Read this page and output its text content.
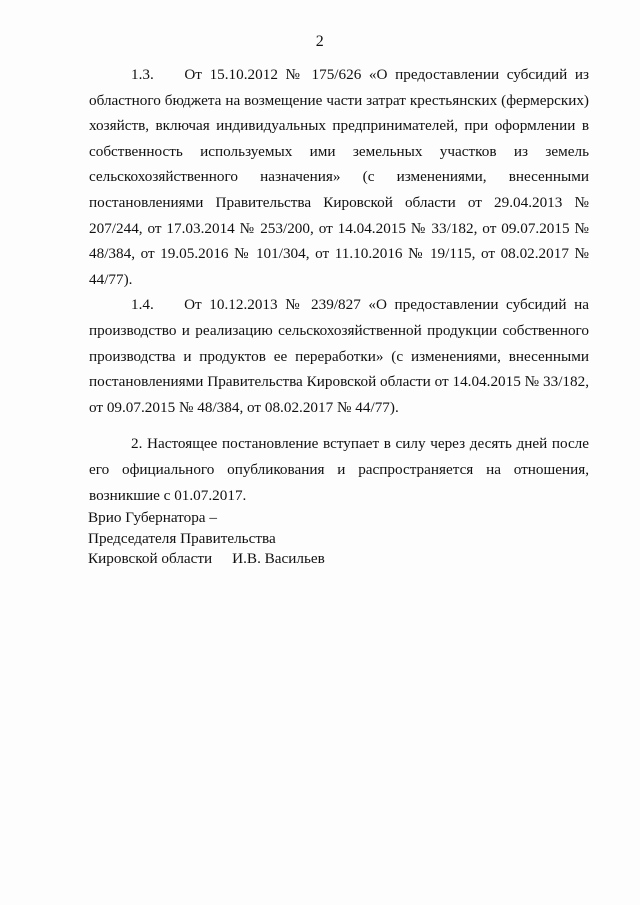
2

1.3. От 15.10.2012 № 175/626 «О предоставлении субсидий из областного бюджета на возмещение части затрат крестьянских (фермерских) хозяйств, включая индивидуальных предпринимателей, при оформлении в собственность используемых ими земельных участков из земель сельскохозяйственного назначения» (с изменениями, внесенными постановлениями Правительства Кировской области от 29.04.2013 № 207/244, от 17.03.2014 № 253/200, от 14.04.2015 № 33/182, от 09.07.2015 № 48/384, от 19.05.2016 № 101/304, от 11.10.2016 № 19/115, от 08.02.2017 № 44/77).

1.4. От 10.12.2013 № 239/827 «О предоставлении субсидий на производство и реализацию сельскохозяйственной продукции собственного производства и продуктов ее переработки» (с изменениями, внесенными постановлениями Правительства Кировской области от 14.04.2015 № 33/182, от 09.07.2015 № 48/384, от 08.02.2017 № 44/77).

2. Настоящее постановление вступает в силу через десять дней после его официального опубликования и распространяется на отношения, возникшие с 01.07.2017.

Врио Губернатора –
Председателя Правительства
Кировской области И.В. Васильев
